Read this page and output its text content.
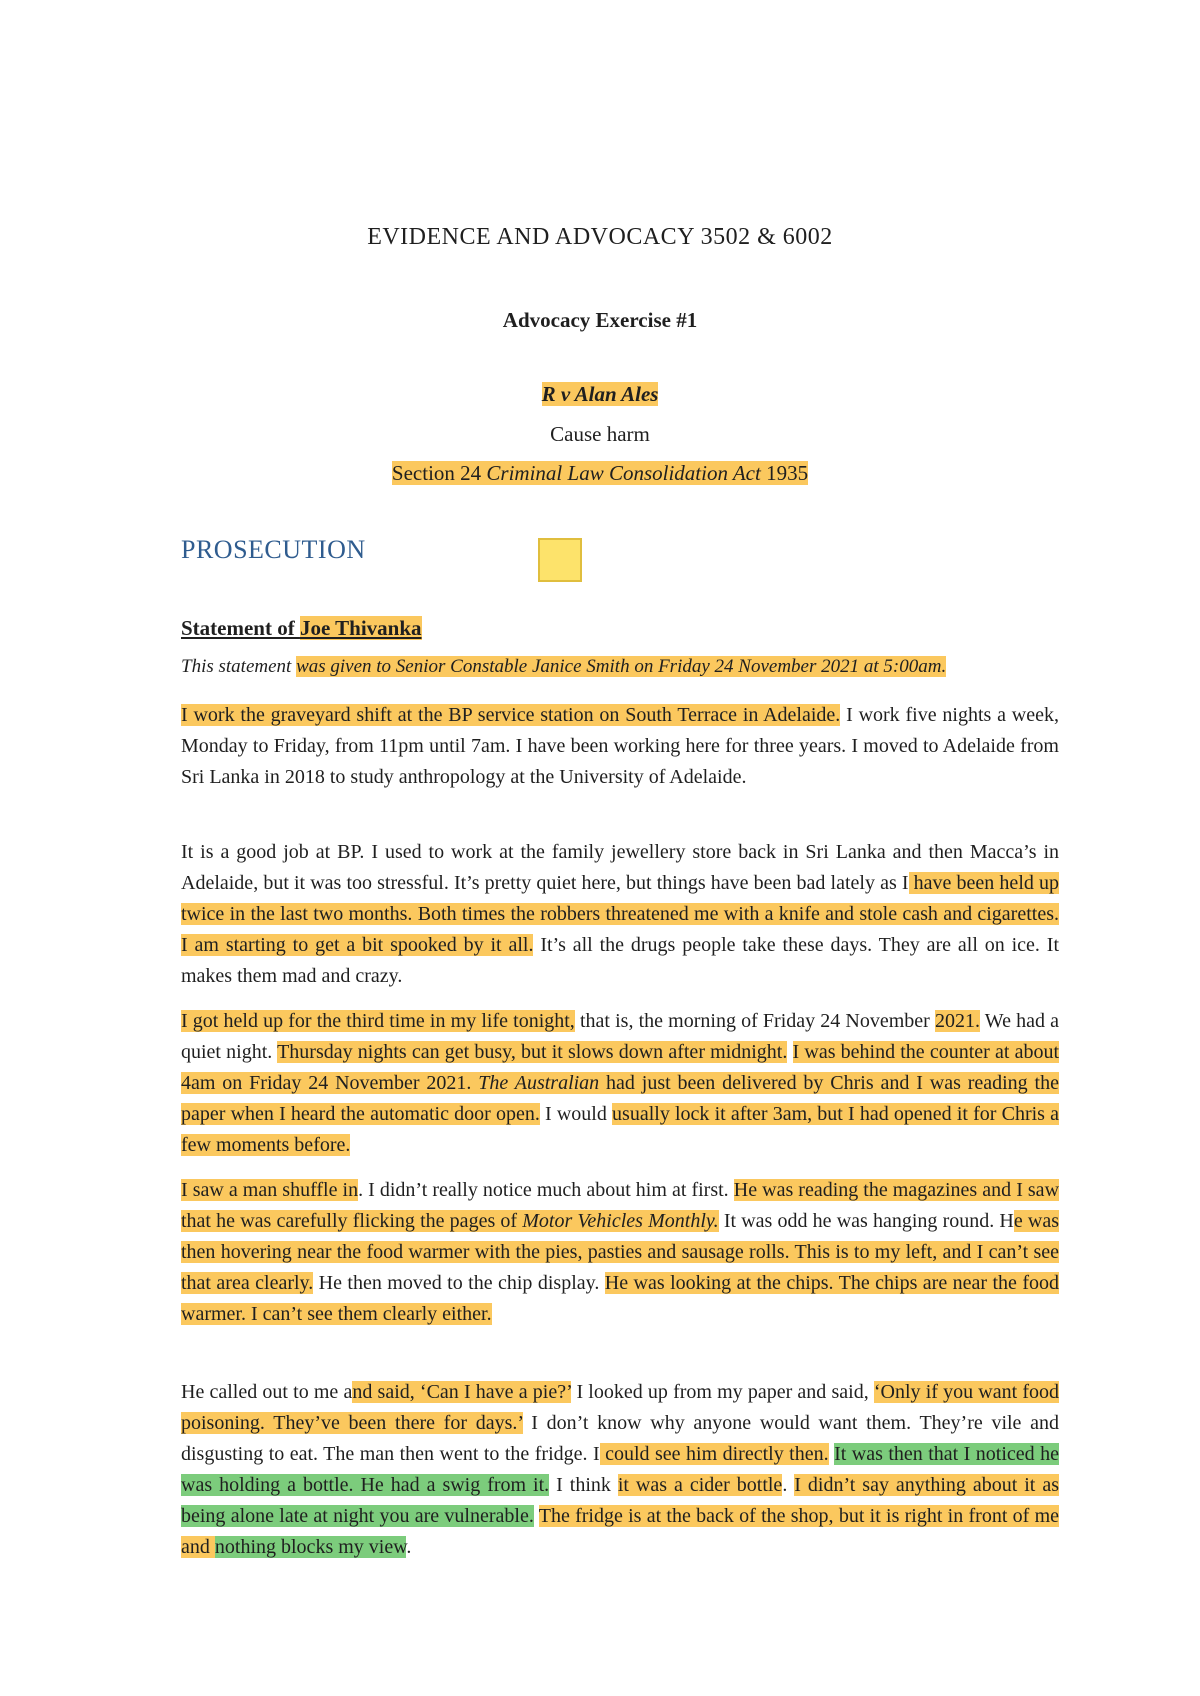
EVIDENCE AND ADVOCACY 3502 & 6002
Advocacy Exercise #1
R v Alan Ales
Cause harm
Section 24 Criminal Law Consolidation Act 1935
PROSECUTION
Statement of Joe Thivanka
This statement was given to Senior Constable Janice Smith on Friday 24 November 2021 at 5:00am.
I work the graveyard shift at the BP service station on South Terrace in Adelaide. I work five nights a week, Monday to Friday, from 11pm until 7am. I have been working here for three years. I moved to Adelaide from Sri Lanka in 2018 to study anthropology at the University of Adelaide.
It is a good job at BP. I used to work at the family jewellery store back in Sri Lanka and then Macca’s in Adelaide, but it was too stressful. It’s pretty quiet here, but things have been bad lately as I have been held up twice in the last two months. Both times the robbers threatened me with a knife and stole cash and cigarettes. I am starting to get a bit spooked by it all. It’s all the drugs people take these days. They are all on ice. It makes them mad and crazy.
I got held up for the third time in my life tonight, that is, the morning of Friday 24 November 2021. We had a quiet night. Thursday nights can get busy, but it slows down after midnight. I was behind the counter at about 4am on Friday 24 November 2021. The Australian had just been delivered by Chris and I was reading the paper when I heard the automatic door open. I would usually lock it after 3am, but I had opened it for Chris a few moments before.
I saw a man shuffle in. I didn’t really notice much about him at first. He was reading the magazines and I saw that he was carefully flicking the pages of Motor Vehicles Monthly. It was odd he was hanging round. He was then hovering near the food warmer with the pies, pasties and sausage rolls. This is to my left, and I can’t see that area clearly. He then moved to the chip display. He was looking at the chips. The chips are near the food warmer. I can’t see them clearly either.
He called out to me and said, ‘Can I have a pie?’ I looked up from my paper and said, ‘Only if you want food poisoning. They’ve been there for days.’ I don’t know why anyone would want them. They’re vile and disgusting to eat. The man then went to the fridge. I could see him directly then. It was then that I noticed he was holding a bottle. He had a swig from it. I think it was a cider bottle. I didn’t say anything about it as being alone late at night you are vulnerable. The fridge is at the back of the shop, but it is right in front of me and nothing blocks my view.
